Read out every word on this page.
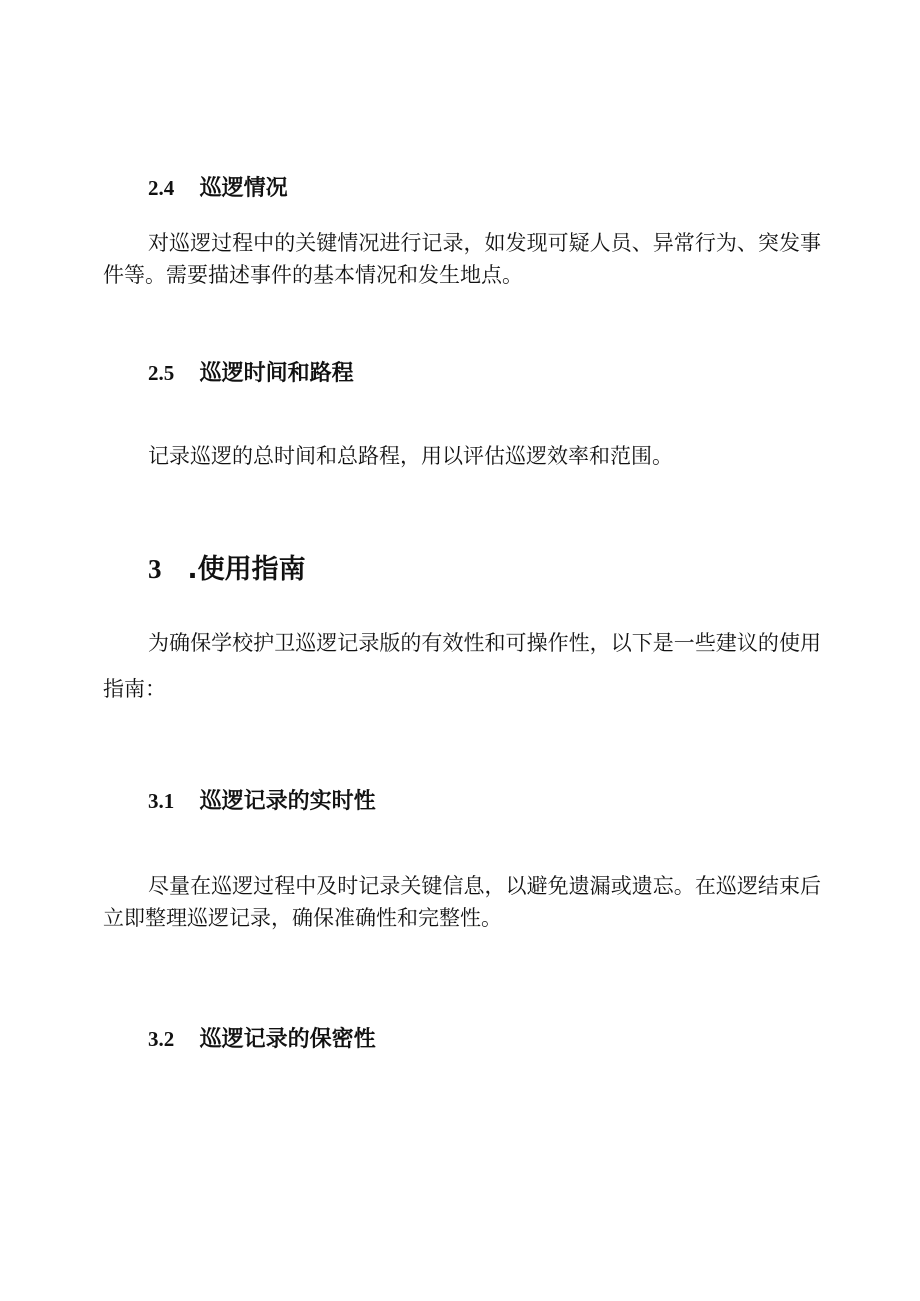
2.4 巡逻情况

对巡逻过程中的关键情况进行记录，如发现可疑人员、异常行为、突发事件等。需要描述事件的基本情况和发生地点。

2.5 巡逻时间和路程

记录巡逻的总时间和总路程，用以评估巡逻效率和范围。

3 .使用指南

为确保学校护卫巡逻记录版的有效性和可操作性，以下是一些建议的使用指南：

3.1 巡逻记录的实时性

尽量在巡逻过程中及时记录关键信息，以避免遗漏或遗忘。在巡逻结束后立即整理巡逻记录，确保准确性和完整性。

3.2 巡逻记录的保密性
